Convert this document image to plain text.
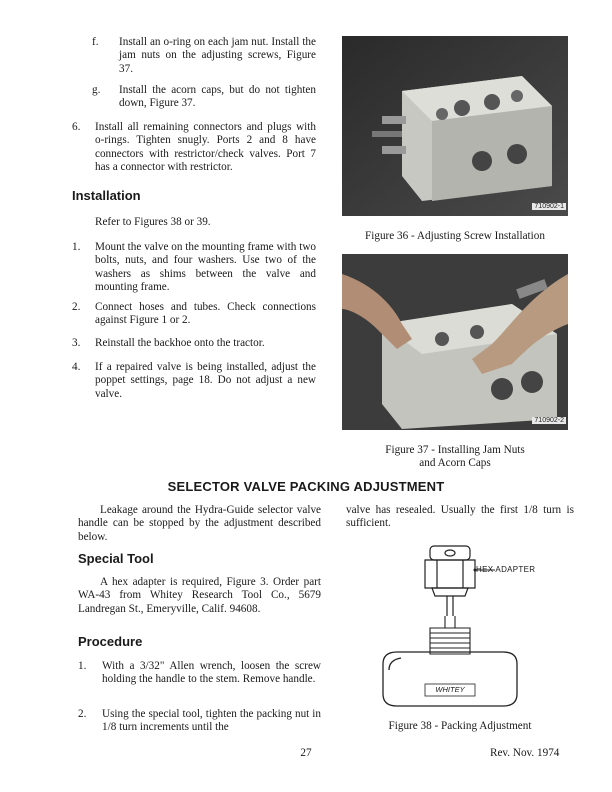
f. Install an o-ring on each jam nut. Install the jam nuts on the adjusting screws, Figure 37.
g. Install the acorn caps, but do not tighten down, Figure 37.
6. Install all remaining connectors and plugs with o-rings. Tighten snugly. Ports 2 and 8 have connectors with restrictor/check valves. Port 7 has a connector with restrictor.
Installation
Refer to Figures 38 or 39.
1. Mount the valve on the mounting frame with two bolts, nuts, and four washers. Use two of the washers as shims between the valve and mounting frame.
2. Connect hoses and tubes. Check connections against Figure 1 or 2.
3. Reinstall the backhoe onto the tractor.
4. If a repaired valve is being installed, adjust the poppet settings, page 18. Do not adjust a new valve.
710902-1
Figure 36 - Adjusting Screw Installation
710902-2
Figure 37 - Installing Jam Nuts
and Acorn Caps
SELECTOR VALVE PACKING ADJUSTMENT
Leakage around the Hydra-Guide selector valve handle can be stopped by the adjustment described below.
Special Tool
A hex adapter is required, Figure 3. Order part WA-43 from Whitey Research Tool Co., 5679 Landregan St., Emeryville, Calif. 94608.
Procedure
1. With a 3/32" Allen wrench, loosen the screw holding the handle to the stem. Remove handle.
2. Using the special tool, tighten the packing nut in 1/8 turn increments until the
valve has resealed. Usually the first 1/8 turn is sufficient.
HEX ADAPTER
WHITEY
Figure 38 - Packing Adjustment
27	Rev. Nov. 1974
